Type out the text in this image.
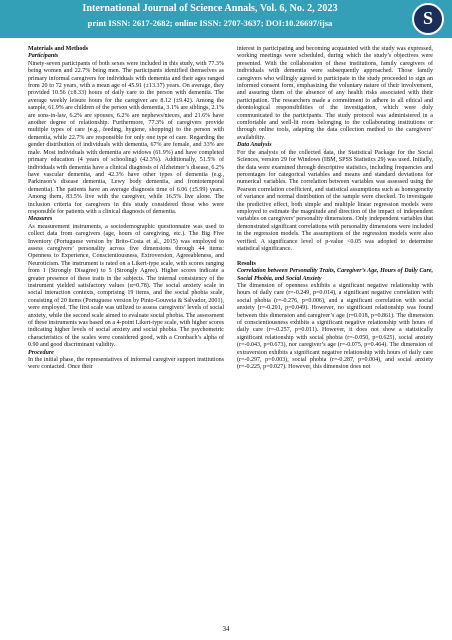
International Journal of Science Annals, Vol. 6, No. 2, 2023
print ISSN: 2617-2682; online ISSN: 2707-3637; DOI:10.26697/ijsa	S

Materials and Methods

Participants

Ninety-seven participants of both sexes were included in this study, with 77.3% being women and 22.7% being men. The participants identified themselves as primary informal caregivers for individuals with dementia and their ages ranged from 20 to 72 years, with a mean age of 45.91 (±13.37) years. On average, they provided 10.56 (±8.33) hours of daily care to the person with dementia. The average weekly leisure hours for the caregiver are 8.12 (±9.42). Among the sample, 61.9% are children of the person with dementia, 3.1% are siblings, 2.1% are sons-in-law, 6.2% are spouses, 6.2% are nephews/nieces, and 21.6% have another degree of relationship. Furthermore, 77.3% of caregivers provide multiple types of care (e.g., feeding, hygiene, shopping) to the person with dementia, while 22.7% are responsible for only one type of care. Regarding the gender distribution of individuals with dementia, 67% are female, and 33% are male. Most individuals with dementia are widows (61.9%) and have completed primary education (4 years of schooling) (42.3%). Additionally, 51.5% of individuals with dementia have a clinical diagnosis of Alzheimer’s disease, 6.2% have vascular dementia, and 42.3% have other types of dementia (e.g., Parkinson’s disease dementia, Lewy body dementia, and frontotemporal dementia). The patients have an average diagnosis time of 6.06 (±5.99) years. Among them, 83.5% live with the caregiver, while 16.5% live alone. The inclusion criteria for caregivers in this study considered those who were responsible for patients with a clinical diagnosis of dementia.

Measures

As measurement instruments, a sociodemographic questionnaire was used to collect data from caregivers (age, hours of caregiving, etc.). The Big Five Inventory (Portuguese version by Brito-Costa et al., 2015) was employed to assess caregivers’ personality across five dimensions through 44 items: Openness to Experience, Conscientiousness, Extroversion, Agreeableness, and Neuroticism. The instrument is rated on a Likert-type scale, with scores ranging from 1 (Strongly Disagree) to 5 (Strongly Agree). Higher scores indicate a greater presence of these traits in the subjects. The internal consistency of the instrument yielded satisfactory values (α=0.78). The social anxiety scale in social interaction contexts, comprising 19 items, and the social phobia scale, consisting of 20 items (Portuguese version by Pinto-Gouveia & Salvador, 2001), were employed. The first scale was utilized to assess caregivers’ levels of social anxiety, while the second scale aimed to evaluate social phobia. The assessment of these instruments was based on a 4-point Likert-type scale, with higher scores indicating higher levels of social anxiety and social phobia. The psychometric characteristics of the scales were considered good, with a Cronbach’s alpha of 0.90 and good discriminant validity.

Procedure

In the initial phase, the representatives of informal caregiver support institutions were contacted. Once their

interest in participating and becoming acquainted with the study was expressed, working meetings were scheduled, during which the study’s objectives were presented. With the collaboration of these institutions, family caregivers of individuals with dementia were subsequently approached. Those family caregivers who willingly agreed to participate in the study proceeded to sign an informed consent form, emphasizing the voluntary nature of their involvement, and assuring them of the absence of any health risks associated with their participation. The researchers made a commitment to adhere to all ethical and deontological responsibilities of the investigation, which were duly communicated to the participants. The study protocol was administered in a comfortable and well-lit room belonging to the collaborating institutions or through online tools, adapting the data collection method to the caregivers’ availability.

Data Analysis

For the analysis of the collected data, the Statistical Package for the Social Sciences, version 29 for Windows (IBM, SPSS Statistics 29) was used. Initially, the data were examined through descriptive statistics, including frequencies and percentages for categorical variables and means and standard deviations for numerical variables. The correlation between variables was assessed using the Pearson correlation coefficient, and statistical assumptions such as homogeneity of variance and normal distribution of the sample were checked. To investigate the predictive effect, both simple and multiple linear regression models were employed to estimate the magnitude and direction of the impact of independent variables on caregivers’ personality dimensions. Only independent variables that demonstrated significant correlations with personality dimensions were included in the regression models. The assumptions of the regression models were also verified. A significance level of p-value <0.05 was adopted to determine statistical significance.

Results

Correlation between Personality Traits, Caregiver’s Age, Hours of Daily Care, Social Phobia, and Social Anxiety

The dimension of openness exhibits a significant negative relationship with hours of daily care (r=-0.249, p=0.014), a significant negative correlation with social phobia (r=-0.276, p=0.006), and a significant correlation with social anxiety (r=-0.201, p=0.049). However, no significant relationship was found between this dimension and caregiver’s age (r=0.018, p=0.861). The dimension of conscientiousness exhibits a significant negative relationship with hours of daily care (r=-0.257, p=0.011). However, it does not show a statistically significant relationship with social phobia (r=-0.050, p=0.625), social anxiety (r=-0.043, p=0.673), nor caregiver’s age (r=-0.075, p=0.464). The dimension of extraversion exhibits a significant negative relationship with hours of daily care (r=-0.297, p=0.003), social phobia (r=-0.287, p=0.004), and social anxiety (r=-0.225, p=0.027). However, this dimension does not

34
